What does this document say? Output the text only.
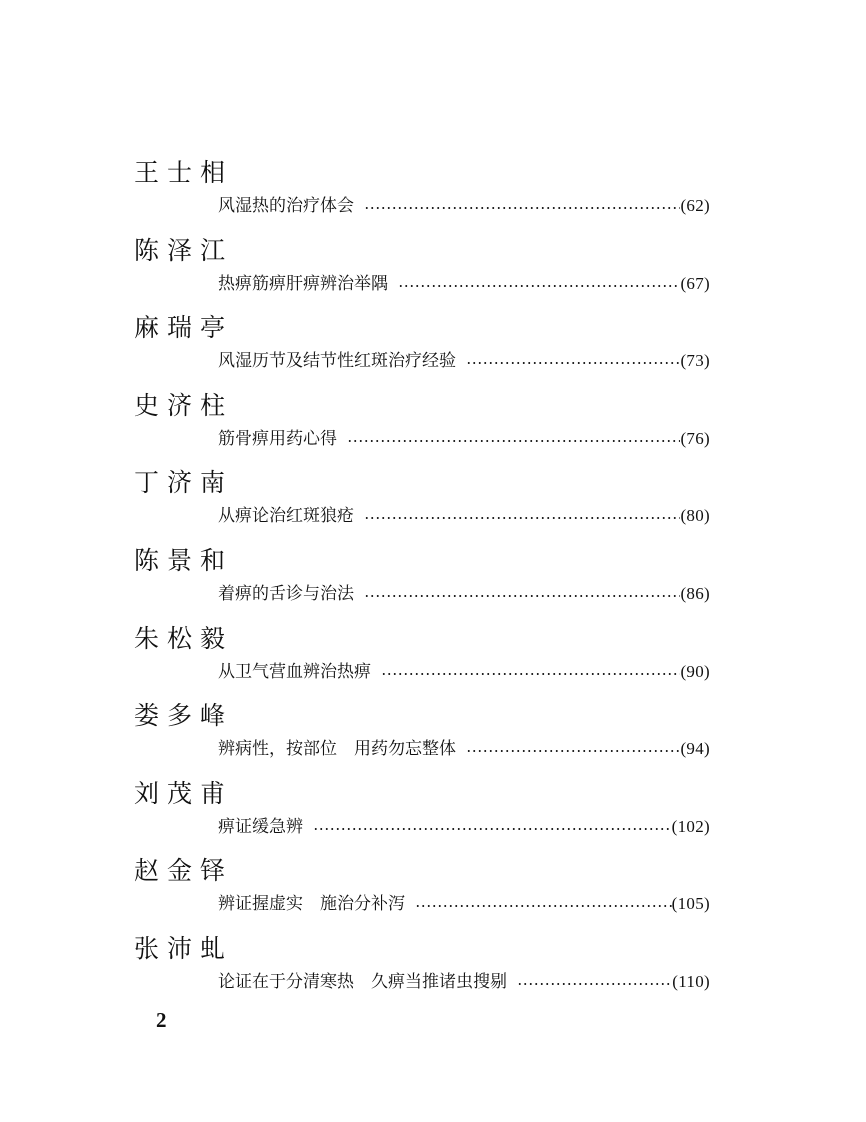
王士相
风湿热的治疗体会	(62)
陈泽江
热痹筋痹肝痹辨治举隅	(67)
麻瑞亭
风湿历节及结节性红斑治疗经验	(73)
史济柱
筋骨痹用药心得	(76)
丁济南
从痹论治红斑狼疮	(80)
陈景和
着痹的舌诊与治法	(86)
朱松毅
从卫气营血辨治热痹	(90)
娄多峰
辨病性，按部位　用药勿忘整体	(94)
刘茂甫
痹证缓急辨	(102)
赵金铎
辨证握虚实　施治分补泻	(105)
张沛虬
论证在于分清寒热　久痹当推诸虫搜剔	(110)
2
